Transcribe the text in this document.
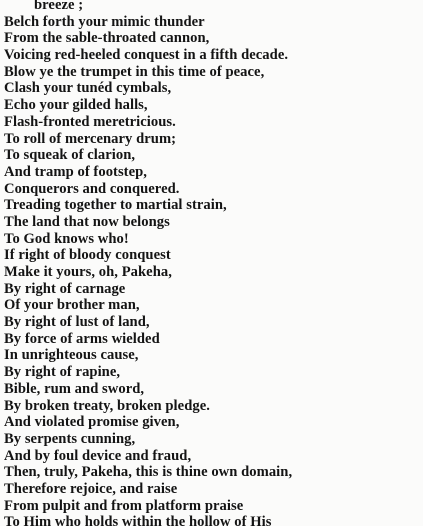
breeze ;
Belch forth your mimic thunder
From the sable-throated cannon,
Voicing red-heeled conquest in a fifth decade.
Blow ye the trumpet in this time of peace,
Clash your tunéd cymbals,
Echo your gilded halls,
Flash-fronted meretricious.
To roll of mercenary drum;
To squeak of clarion,
And tramp of footstep,
Conquerors and conquered.
Treading together to martial strain,
The land that now belongs
To God knows who!
If right of bloody conquest
Make it yours, oh, Pakeha,
By right of carnage
Of your brother man,
By right of lust of land,
By force of arms wielded
In unrighteous cause,
By right of rapine,
Bible, rum and sword,
By broken treaty, broken pledge.
And violated promise given,
By serpents cunning,
And by foul device and fraud,
Then, truly, Pakeha, this is thine own domain,
Therefore rejoice, and raise
From pulpit and from platform praise
To Him who holds within the hollow of His
